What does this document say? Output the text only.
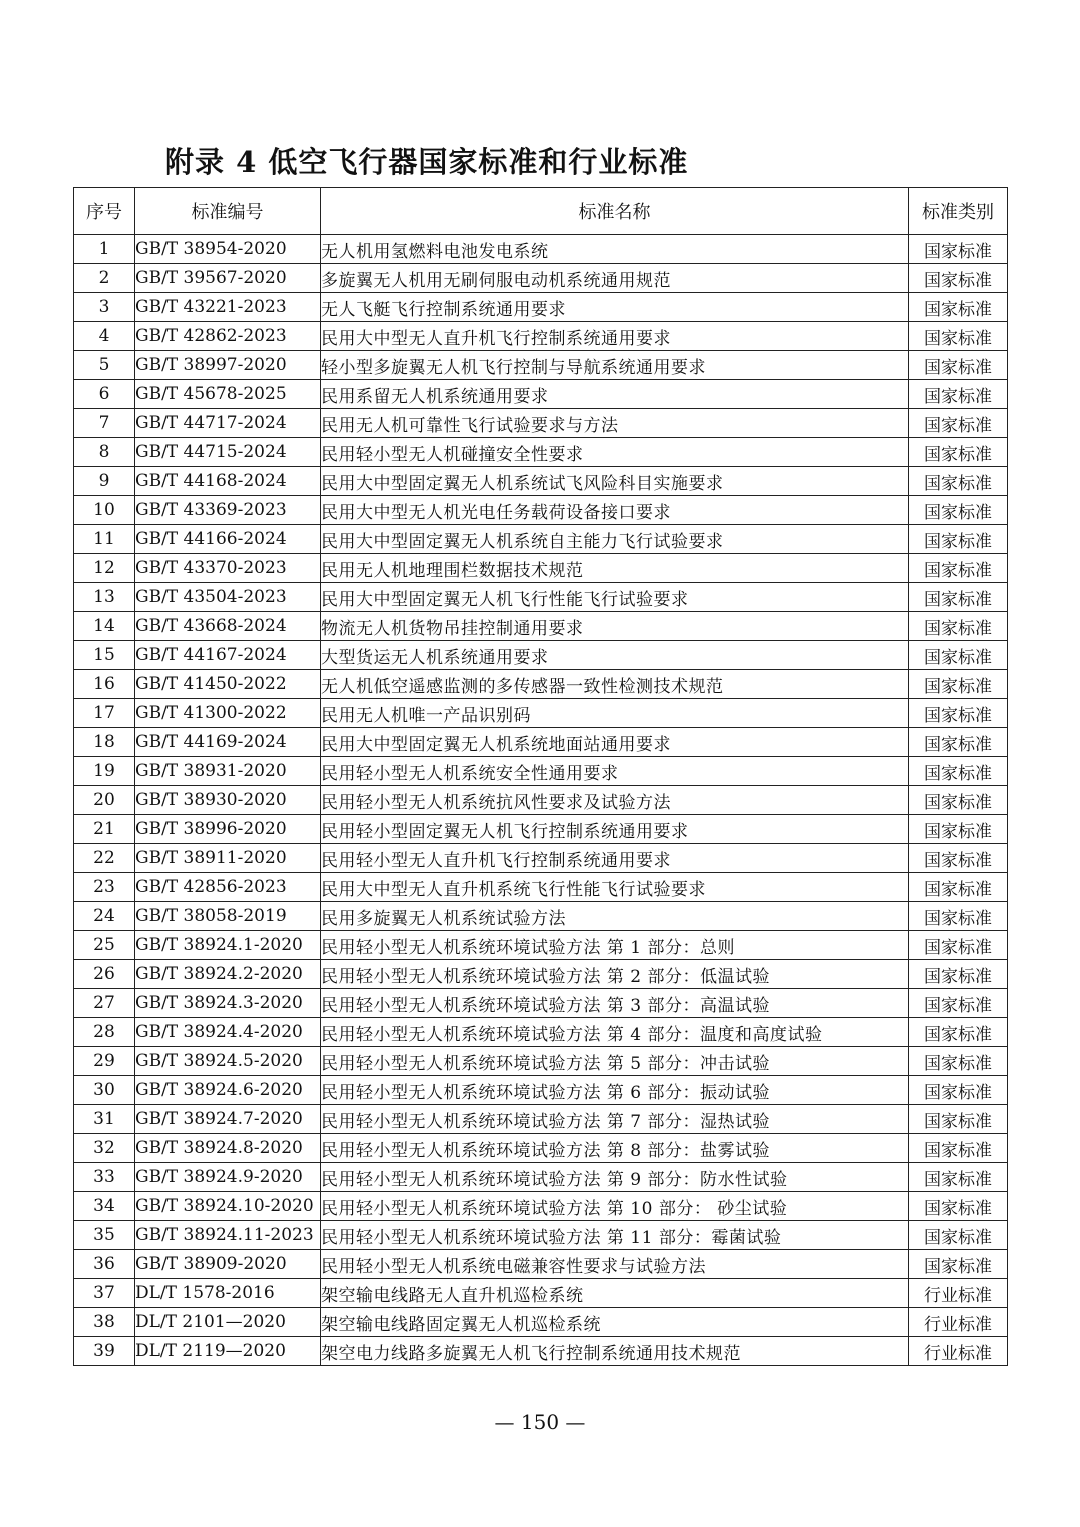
附录 4 低空飞行器国家标准和行业标准
序号	标准编号	标准名称	标准类别
1	GB/T 38954-2020	无人机用氢燃料电池发电系统	国家标准
2	GB/T 39567-2020	多旋翼无人机用无刷伺服电动机系统通用规范	国家标准
3	GB/T 43221-2023	无人飞艇飞行控制系统通用要求	国家标准
4	GB/T 42862-2023	民用大中型无人直升机飞行控制系统通用要求	国家标准
5	GB/T 38997-2020	轻小型多旋翼无人机飞行控制与导航系统通用要求	国家标准
6	GB/T 45678-2025	民用系留无人机系统通用要求	国家标准
7	GB/T 44717-2024	民用无人机可靠性飞行试验要求与方法	国家标准
8	GB/T 44715-2024	民用轻小型无人机碰撞安全性要求	国家标准
9	GB/T 44168-2024	民用大中型固定翼无人机系统试飞风险科目实施要求	国家标准
10	GB/T 43369-2023	民用大中型无人机光电任务载荷设备接口要求	国家标准
11	GB/T 44166-2024	民用大中型固定翼无人机系统自主能力飞行试验要求	国家标准
12	GB/T 43370-2023	民用无人机地理围栏数据技术规范	国家标准
13	GB/T 43504-2023	民用大中型固定翼无人机飞行性能飞行试验要求	国家标准
14	GB/T 43668-2024	物流无人机货物吊挂控制通用要求	国家标准
15	GB/T 44167-2024	大型货运无人机系统通用要求	国家标准
16	GB/T 41450-2022	无人机低空遥感监测的多传感器一致性检测技术规范	国家标准
17	GB/T 41300-2022	民用无人机唯一产品识别码	国家标准
18	GB/T 44169-2024	民用大中型固定翼无人机系统地面站通用要求	国家标准
19	GB/T 38931-2020	民用轻小型无人机系统安全性通用要求	国家标准
20	GB/T 38930-2020	民用轻小型无人机系统抗风性要求及试验方法	国家标准
21	GB/T 38996-2020	民用轻小型固定翼无人机飞行控制系统通用要求	国家标准
22	GB/T 38911-2020	民用轻小型无人直升机飞行控制系统通用要求	国家标准
23	GB/T 42856-2023	民用大中型无人直升机系统飞行性能飞行试验要求	国家标准
24	GB/T 38058-2019	民用多旋翼无人机系统试验方法	国家标准
25	GB/T 38924.1-2020	民用轻小型无人机系统环境试验方法 第 1 部分：总则	国家标准
26	GB/T 38924.2-2020	民用轻小型无人机系统环境试验方法 第 2 部分：低温试验	国家标准
27	GB/T 38924.3-2020	民用轻小型无人机系统环境试验方法 第 3 部分：高温试验	国家标准
28	GB/T 38924.4-2020	民用轻小型无人机系统环境试验方法 第 4 部分：温度和高度试验	国家标准
29	GB/T 38924.5-2020	民用轻小型无人机系统环境试验方法 第 5 部分：冲击试验	国家标准
30	GB/T 38924.6-2020	民用轻小型无人机系统环境试验方法 第 6 部分：振动试验	国家标准
31	GB/T 38924.7-2020	民用轻小型无人机系统环境试验方法 第 7 部分：湿热试验	国家标准
32	GB/T 38924.8-2020	民用轻小型无人机系统环境试验方法 第 8 部分：盐雾试验	国家标准
33	GB/T 38924.9-2020	民用轻小型无人机系统环境试验方法 第 9 部分：防水性试验	国家标准
34	GB/T 38924.10-2020	民用轻小型无人机系统环境试验方法 第 10 部分： 砂尘试验	国家标准
35	GB/T 38924.11-2023	民用轻小型无人机系统环境试验方法 第 11 部分：霉菌试验	国家标准
36	GB/T 38909-2020	民用轻小型无人机系统电磁兼容性要求与试验方法	国家标准
37	DL/T 1578-2016	架空输电线路无人直升机巡检系统	行业标准
38	DL/T 2101—2020	架空输电线路固定翼无人机巡检系统	行业标准
39	DL/T 2119—2020	架空电力线路多旋翼无人机飞行控制系统通用技术规范	行业标准
— 150 —
